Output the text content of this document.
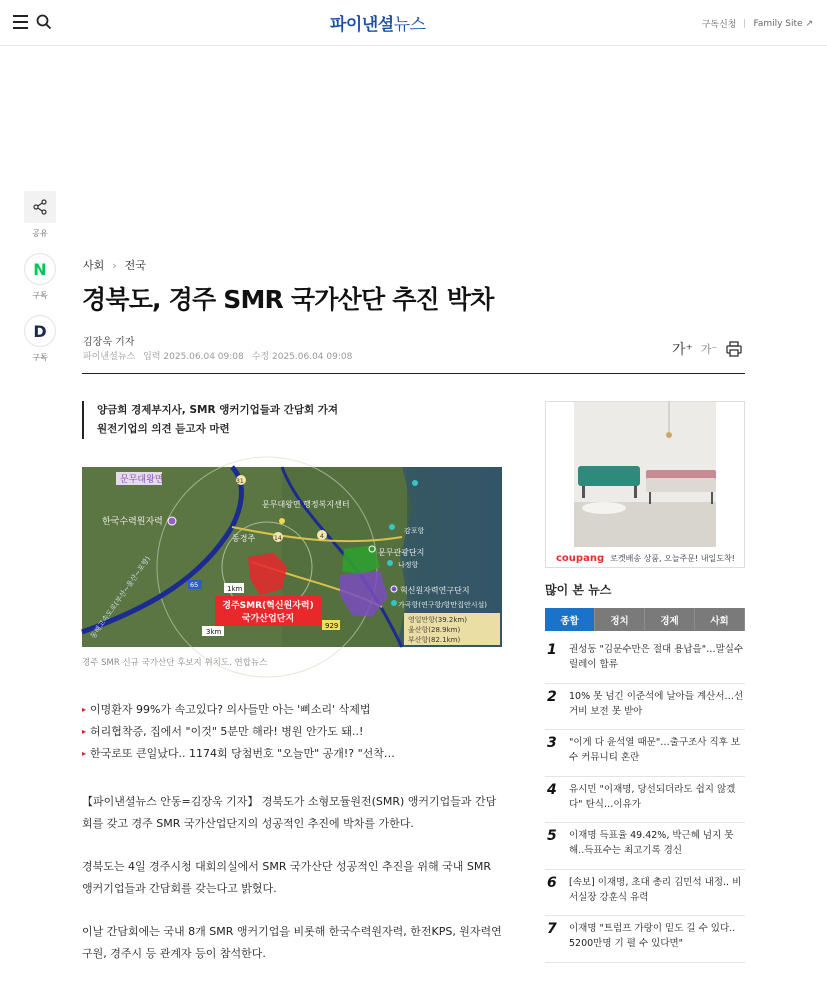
파이낸셜뉴스	구독신청 Family Site ↗
공유
N
구독
D
구독
사회 › 전국
경북도, 경주 SMR 국가산단 추진 박차
김장욱 기자
파이낸셜뉴스 입력 2025.06.04 09:08 수정 2025.06.04 09:08	가⁺ 가⁻
양금희 경제부지사, SMR 앵커기업들과 간담회 가져
원전기업의 의견 듣고자 마련
문무대왕면
한국수력원자력
문무대왕면 행정복지센터
동경주
경주SMR(혁신원자력)
국가산업단지
문무관광단지
나정항
혁신원자력연구단지
가곡항(연구항/항만집안시설)
감포항
영일만항(39.2km)
울산항(28.9km)
부산항(82.1km)
1km
3km
929
65
14	4
31
동해고속도로(부산~울산~포항)
경주 SMR 신규 국가산단 후보지 위치도. 연합뉴스
▸ 이명환자 99%가 속고있다? 의사들만 아는 '삐소리' 삭제법
▸ 허리협착증, 집에서 "이것" 5분만 해라! 병원 안가도 돼..!
▸ 한국로또 큰일났다.. 1174회 당첨번호 "오늘만" 공개!? "선착…

【파이낸셜뉴스 안동=김장욱 기자】 경북도가 소형모듈원전(SMR) 앵커기업들과 간담회를 갖고 경주 SMR 국가산업단지의 성공적인 추진에 박차를 가한다.

경북도는 4일 경주시청 대회의실에서 SMR 국가산단 성공적인 추진을 위해 국내 SMR 앵커기업들과 간담회를 갖는다고 밝혔다.

이날 간담회에는 국내 8개 SMR 앵커기업을 비롯해 한국수력원자력, 한전KPS, 원자력연구원, 경주시 등 관계자 등이 참석한다.

coupang 로켓배송 상품, 오늘주문! 내일도착!
많이 본 뉴스
종합	정치	경제	사회
1	권성동 "김문수만은 절대 용납을"…말실수 릴레이 합류
2	10% 못 넘긴 이준석에 날아들 계산서…선거비 보전 못 받아
3	"이게 다 윤석열 때문"…출구조사 직후 보수 커뮤니티 혼란
4	유시민 "이재명, 당선되더라도 쉽지 않겠다" 탄식…이유가
5	이재명 득표율 49.42%, 박근혜 넘지 못해..득표수는 최고기록 경신
6	[속보] 이재명, 초대 총리 김민석 내정.. 비서실장 강훈식 유력
7	이재명 "트럼프 가랑이 밑도 길 수 있다.. 5200만명 기 펼 수 있다면"
